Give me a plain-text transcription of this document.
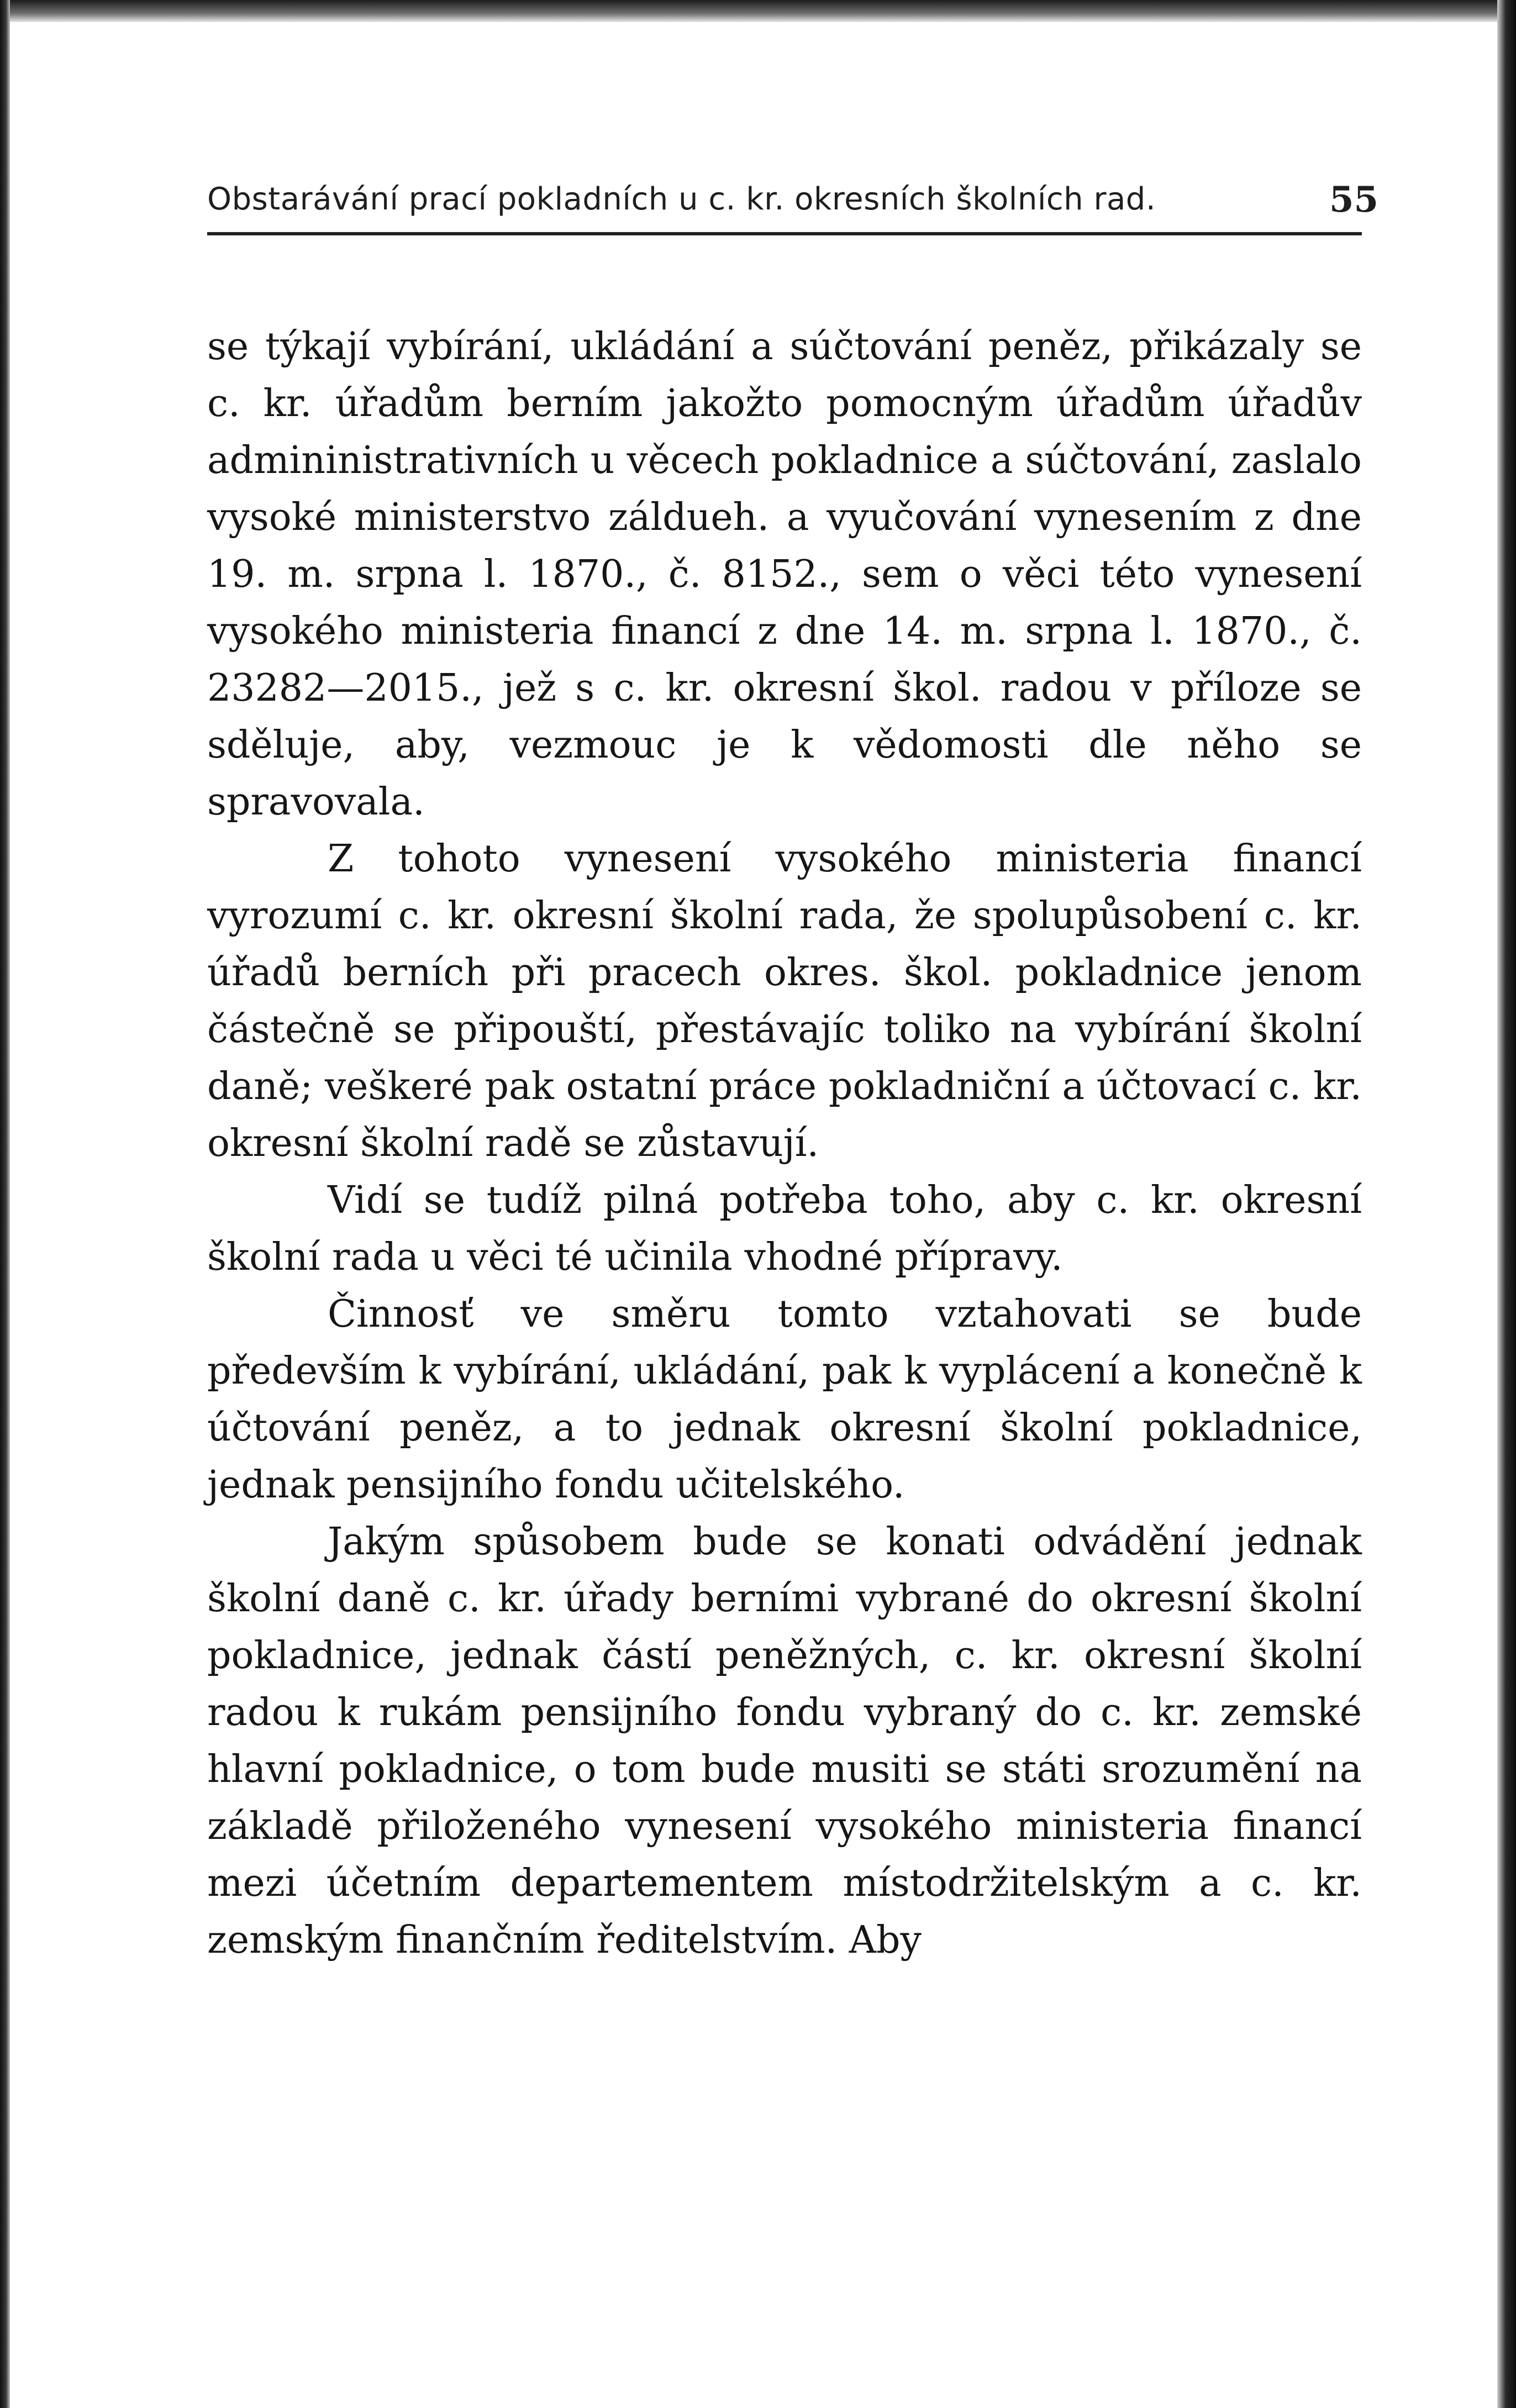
Obstarávání prací pokladních u c. kr. okresních školních rad.	55

se týkají vybírání, ukládání a súčtování peněz, přikázaly se c. kr. úřadům berním jakožto pomocným úřadům úřadův admininistrativních u věcech pokladnice a súčtování, zaslalo vysoké ministerstvo záldueh. a vyučování vynesením z dne 19. m. srpna l. 1870., č. 8152., sem o věci této vynesení vysokého ministeria financí z dne 14. m. srpna l. 1870., č. 23282—2015., jež s c. kr. okresní škol. radou v příloze se sděluje, aby, vezmouc je k vědomosti dle něho se spravovala.

Z tohoto vynesení vysokého ministeria financí vyrozumí c. kr. okresní školní rada, že spolupůsobení c. kr. úřadů berních při pracech okres. škol. pokladnice jenom částečně se připouští, přestávajíc toliko na vybírání školní daně; veškeré pak ostatní práce pokladniční a účtovací c. kr. okresní školní radě se zůstavují.

Vidí se tudíž pilná potřeba toho, aby c. kr. okresní školní rada u věci té učinila vhodné přípravy.

Činnosť ve směru tomto vztahovati se bude především k vybírání, ukládání, pak k vyplácení a konečně k účtování peněz, a to jednak okresní školní pokladnice, jednak pensijního fondu učitelského.

Jakým spůsobem bude se konati odvádění jednak školní daně c. kr. úřady berními vybrané do okresní školní pokladnice, jednak částí peněžných, c. kr. okresní školní radou k rukám pensijního fondu vybraný do c. kr. zemské hlavní pokladnice, o tom bude musiti se státi srozumění na základě přiloženého vynesení vysokého ministeria financí mezi účetním departementem místodržitelským a c. kr. zemským finančním ředitelstvím. Aby
